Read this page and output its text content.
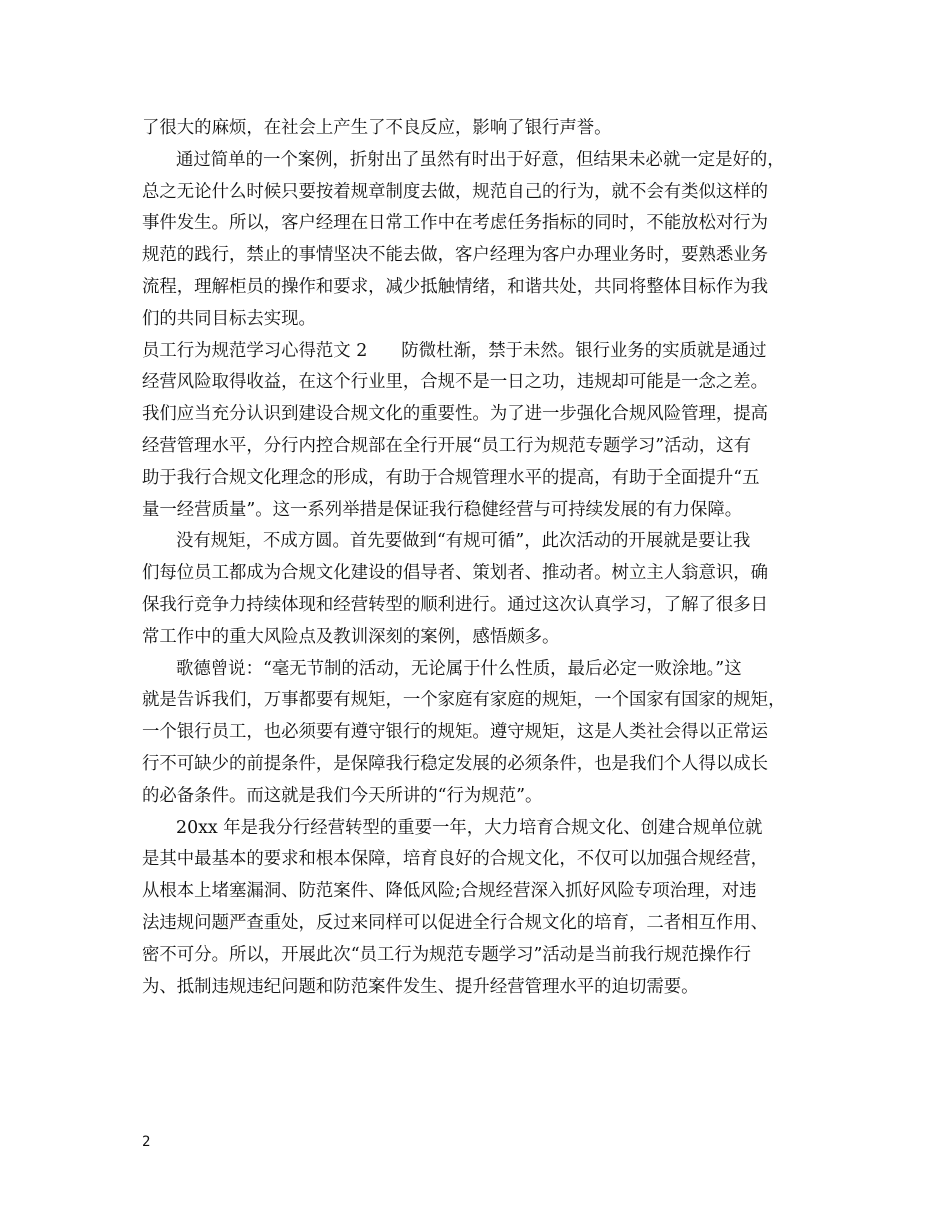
了很大的麻烦，在社会上产生了不良反应，影响了银行声誉。

通过简单的一个案例，折射出了虽然有时出于好意，但结果未必就一定是好的，

总之无论什么时候只要按着规章制度去做，规范自己的行为，就不会有类似这样的

事件发生。所以，客户经理在日常工作中在考虑任务指标的同时，不能放松对行为

规范的践行，禁止的事情坚决不能去做，客户经理为客户办理业务时，要熟悉业务

流程，理解柜员的操作和要求，减少抵触情绪，和谐共处，共同将整体目标作为我

们的共同目标去实现。

员工行为规范学习心得范文 2 防微杜渐，禁于未然。银行业务的实质就是通过

经营风险取得收益，在这个行业里，合规不是一日之功，违规却可能是一念之差。

我们应当充分认识到建设合规文化的重要性。为了进一步强化合规风险管理，提高

经营管理水平，分行内控合规部在全行开展“员工行为规范专题学习”活动，这有

助于我行合规文化理念的形成，有助于合规管理水平的提高，有助于全面提升“五

量一经营质量”。这一系列举措是保证我行稳健经营与可持续发展的有力保障。

没有规矩，不成方圆。首先要做到“有规可循”，此次活动的开展就是要让我

们每位员工都成为合规文化建设的倡导者、策划者、推动者。树立主人翁意识，确

保我行竞争力持续体现和经营转型的顺利进行。通过这次认真学习，了解了很多日

常工作中的重大风险点及教训深刻的案例，感悟颇多。

歌德曾说：“毫无节制的活动，无论属于什么性质，最后必定一败涂地。”这

就是告诉我们，万事都要有规矩，一个家庭有家庭的规矩，一个国家有国家的规矩，

一个银行员工，也必须要有遵守银行的规矩。遵守规矩，这是人类社会得以正常运

行不可缺少的前提条件，是保障我行稳定发展的必须条件，也是我们个人得以成长

的必备条件。而这就是我们今天所讲的“行为规范”。

20xx 年是我分行经营转型的重要一年，大力培育合规文化、创建合规单位就

是其中最基本的要求和根本保障，培育良好的合规文化，不仅可以加强合规经营，

从根本上堵塞漏洞、防范案件、降低风险;合规经营深入抓好风险专项治理，对违

法违规问题严查重处，反过来同样可以促进全行合规文化的培育，二者相互作用、

密不可分。所以，开展此次“员工行为规范专题学习”活动是当前我行规范操作行

为、抵制违规违纪问题和防范案件发生、提升经营管理水平的迫切需要。

2
